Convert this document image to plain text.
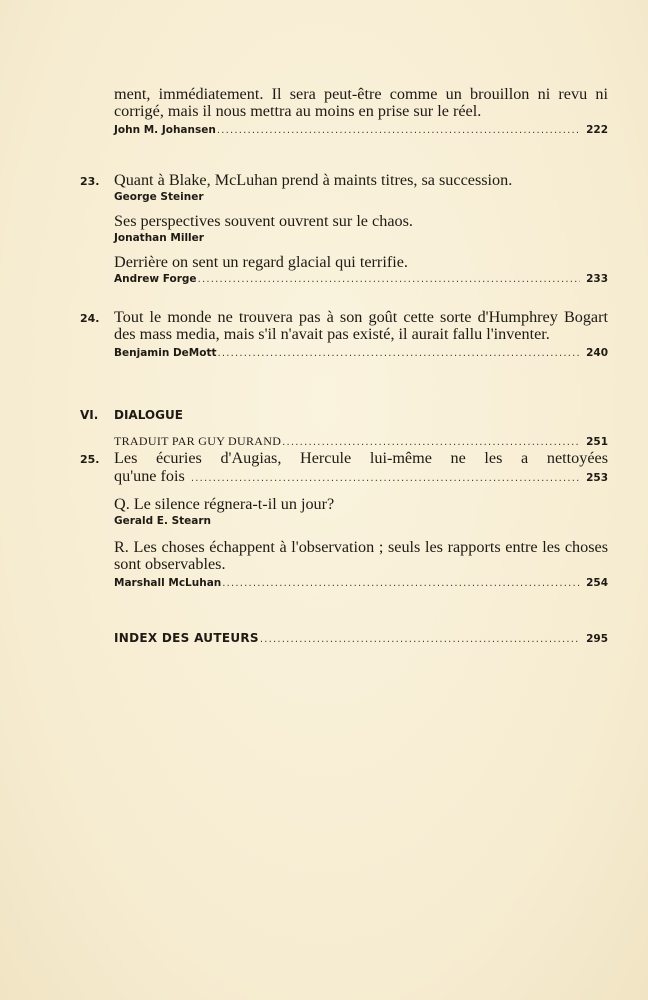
ment, immédiatement. Il sera peut-être comme un brouillon ni revu ni corrigé, mais il nous mettra au moins en prise sur le réel.
John M. Johansen .....	222
23. Quant à Blake, McLuhan prend à maints titres, sa succession.
George Steiner
Ses perspectives souvent ouvrent sur le chaos.
Jonathan Miller
Derrière on sent un regard glacial qui terrifie.
Andrew Forge .....	233
24. Tout le monde ne trouvera pas à son goût cette sorte d'Humphrey Bogart des mass media, mais s'il n'avait pas existé, il aurait fallu l'inventer.
Benjamin DeMott .....	240
VI. DIALOGUE
TRADUIT PAR GUY DURAND .....	251
25. Les écuries d'Augias, Hercule lui-même ne les a nettoyées
qu'une fois .....	253
Q. Le silence régnera-t-il un jour?
Gerald E. Stearn
R. Les choses échappent à l'observation ; seuls les rapports entre les choses sont observables.
Marshall McLuhan .....	254
INDEX DES AUTEURS .....	295
